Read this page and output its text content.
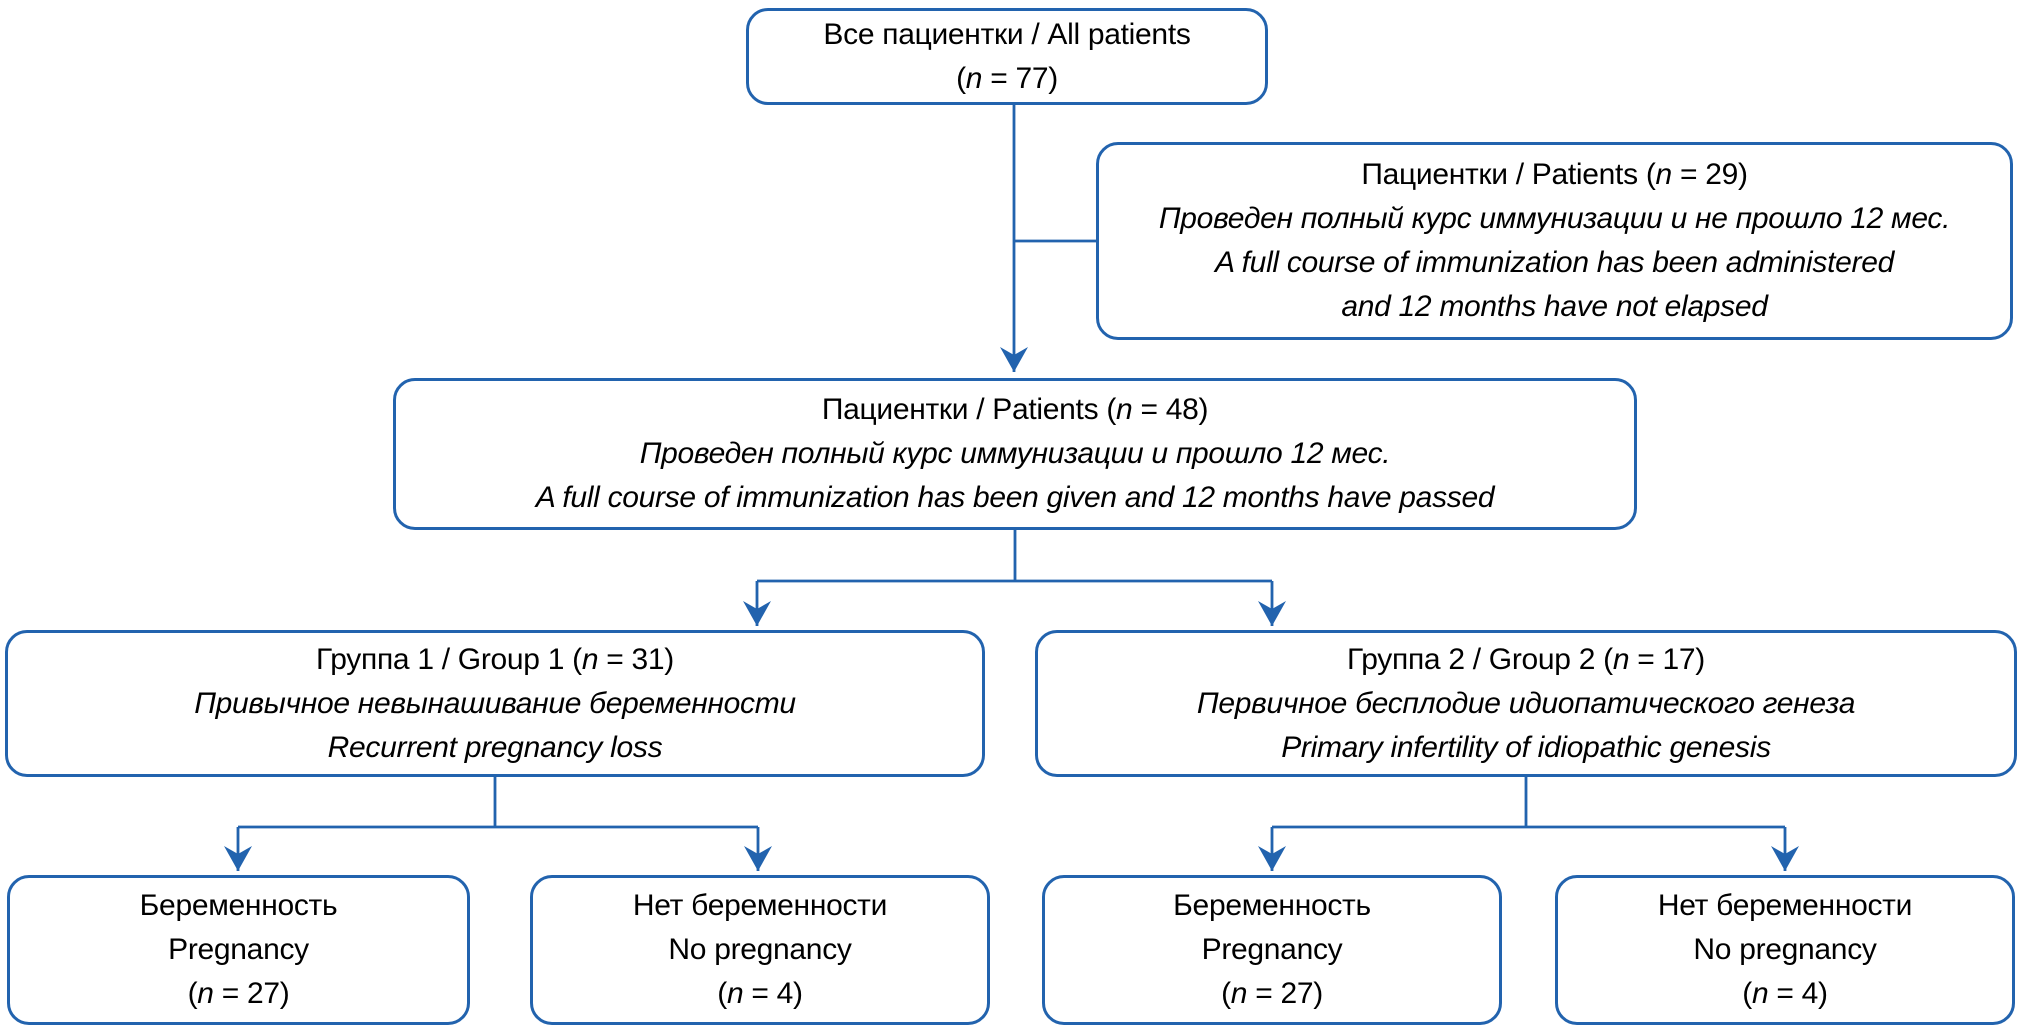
Все пациентки / All patients
(n = 77)
Пациентки / Patients (n = 29)
Проведен полный курс иммунизации и не прошло 12 мес.
A full course of immunization has been administered
and 12 months have not elapsed
Пациентки / Patients (n = 48)
Проведен полный курс иммунизации и прошло 12 мес.
A full course of immunization has been given and 12 months have passed
Группа 1 / Group 1 (n = 31)
Привычное невынашивание беременности
Recurrent pregnancy loss
Группа 2 / Group 2 (n = 17)
Первичное бесплодие идиопатического генеза
Primary infertility of idiopathic genesis
Беременность
Pregnancy
(n = 27)
Нет беременности
No pregnancy
(n = 4)
Беременность
Pregnancy
(n = 27)
Нет беременности
No pregnancy
(n = 4)
